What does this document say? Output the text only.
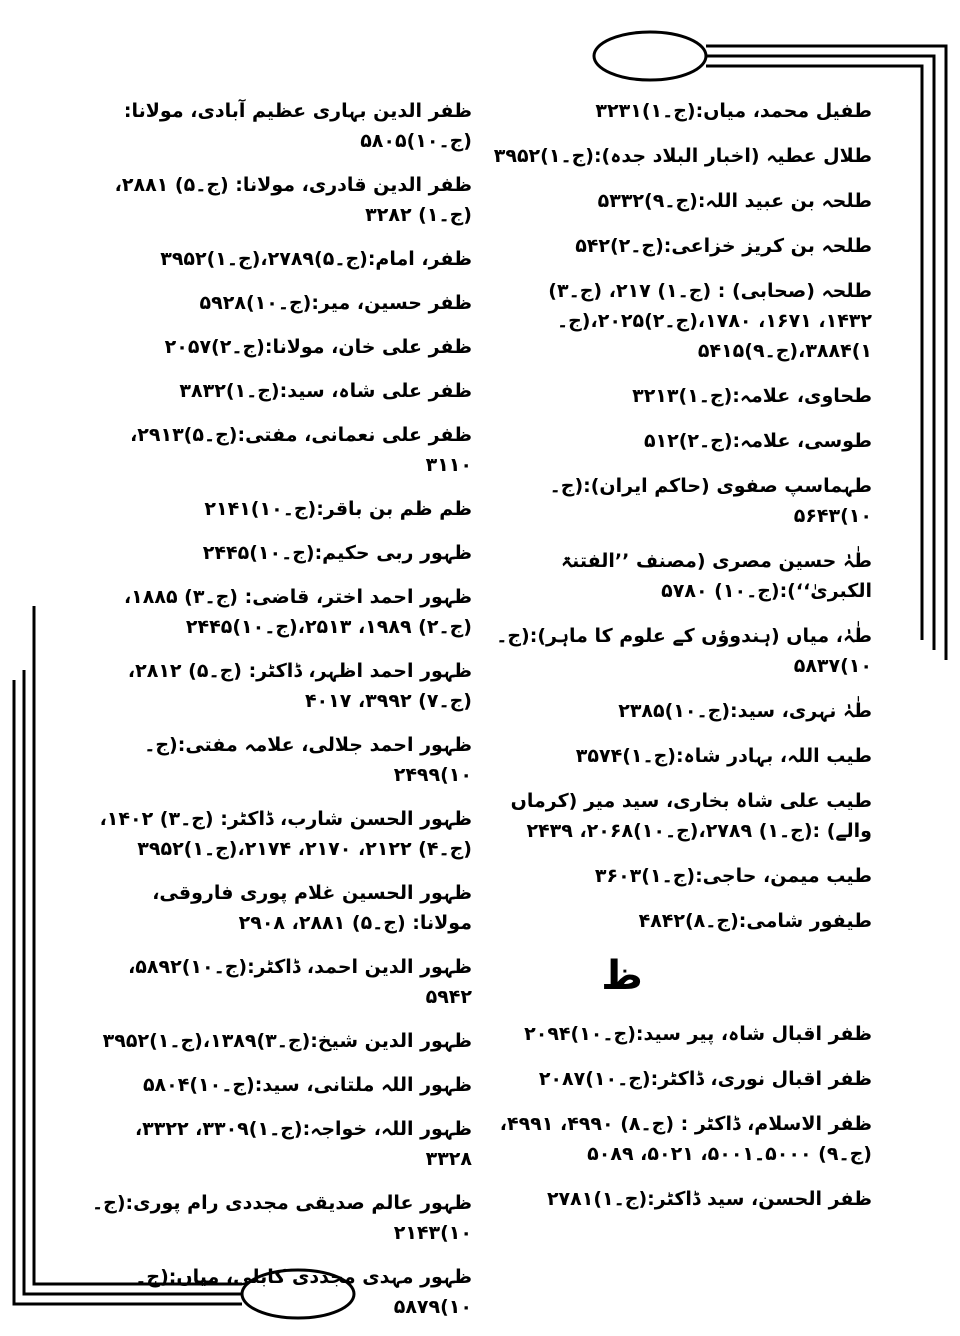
طفیل محمد، میاں:(ج۔۱)۳۲۳۱
طلال عطیہ (اخبار البلاد جدہ):(ج۔۱)۳۹۵۲
طلحہ بن عبید اللہ:(ج۔۹)۵۳۳۲
طلحہ بن کریز خزاعی:(ج۔۲)۵۴۲
طلحہ (صحابی) : (ج۔۱) ۲۱۷، (ج۔۳) ۱۴۳۲، ۱۶۷۱، ۱۷۸۰،(ج۔۲)۲۰۲۵،(ج۔۱)۳۸۸۴،(ج۔۹)۵۴۱۵
طحاوی، علامہ:(ج۔۱)۳۲۱۳
طوسی، علامہ:(ج۔۲)۵۱۲
طہماسپ صفوی (حاکم ایران):(ج۔۱۰)۵۶۴۳
طٰہٰ حسین مصری (مصنف ’’الفتنۃ الکبریٰ‘‘):(ج۔۱۰) ۵۷۸۰
طٰہٰ، میاں (ہندوؤں کے علوم کا ماہر):(ج۔۱۰)۵۸۳۷
طٰہٰ نہری، سید:(ج۔۱۰)۲۳۸۵
طیب اللہ، بہادر شاہ:(ج۔۱)۳۵۷۴
طیب علی شاہ بخاری، سید میر (کرماں والے) :(ج۔۱) ۲۷۸۹،(ج۔۱۰)۲۰۶۸، ۲۴۳۹
طیب میمن، حاجی:(ج۔۱)۳۶۰۳
طیفور شامی:(ج۔۸)۴۸۴۲
ظ
ظفر اقبال شاہ، پیر سید:(ج۔۱۰)۲۰۹۴
ظفر اقبال نوری، ڈاکٹر:(ج۔۱۰)۲۰۸۷
ظفر الاسلام، ڈاکٹر : (ج۔۸) ۴۹۹۰، ۴۹۹۱، (ج۔۹) ۵۰۰۰۔۵۰۰۱، ۵۰۲۱، ۵۰۸۹
ظفر الحسن، سید ڈاکٹر:(ج۔۱)۲۷۸۱
ظفر الدین بہاری عظیم آبادی، مولانا:(ج۔۱۰)۵۸۰۵
ظفر الدین قادری، مولانا: (ج۔۵) ۲۸۸۱، (ج۔۱) ۳۲۸۲
ظفر، امام:(ج۔۵)۲۷۸۹،(ج۔۱)۳۹۵۲
ظفر حسین، میر:(ج۔۱۰)۵۹۲۸
ظفر علی خان، مولانا:(ج۔۲)۲۰۵۷
ظفر علی شاہ، سید:(ج۔۱)۳۸۳۲
ظفر علی نعمانی، مفتی:(ج۔۵)۲۹۱۳، ۳۱۱۰
ظم ظم بن باقر:(ج۔۱۰)۲۱۴۱
ظہور ربی حکیم:(ج۔۱۰)۲۴۴۵
ظہور احمد اختر، قاضی: (ج۔۳) ۱۸۸۵، (ج۔۲) ۱۹۸۹، ۲۵۱۳،(ج۔۱۰)۲۴۴۵
ظہور احمد اظہر، ڈاکٹر: (ج۔۵) ۲۸۱۲، (ج۔۷) ۳۹۹۲، ۴۰۱۷
ظہور احمد جلالی، علامہ مفتی:(ج۔۱۰)۲۴۹۹
ظہور الحسن شارب، ڈاکٹر: (ج۔۳) ۱۴۰۲، (ج۔۴) ۲۱۲۲، ۲۱۷۰، ۲۱۷۴،(ج۔۱)۳۹۵۲
ظہور الحسین غلام پوری فاروقی، مولانا: (ج۔۵) ۲۸۸۱، ۲۹۰۸
ظہور الدین احمد، ڈاکٹر:(ج۔۱۰)۵۸۹۲، ۵۹۴۲
ظہور الدین شیخ:(ج۔۳)۱۳۸۹،(ج۔۱)۳۹۵۲
ظہور اللہ ملتانی، سید:(ج۔۱۰)۵۸۰۴
ظہور اللہ، خواجہ:(ج۔۱)۳۳۰۹، ۳۳۲۲، ۳۳۲۸
ظہور عالم صدیقی مجددی رام پوری:(ج۔۱۰)۲۱۴۳
ظہور مہدی مجددی کابلی، میاں:(ج۔۱۰)۵۸۷۹
